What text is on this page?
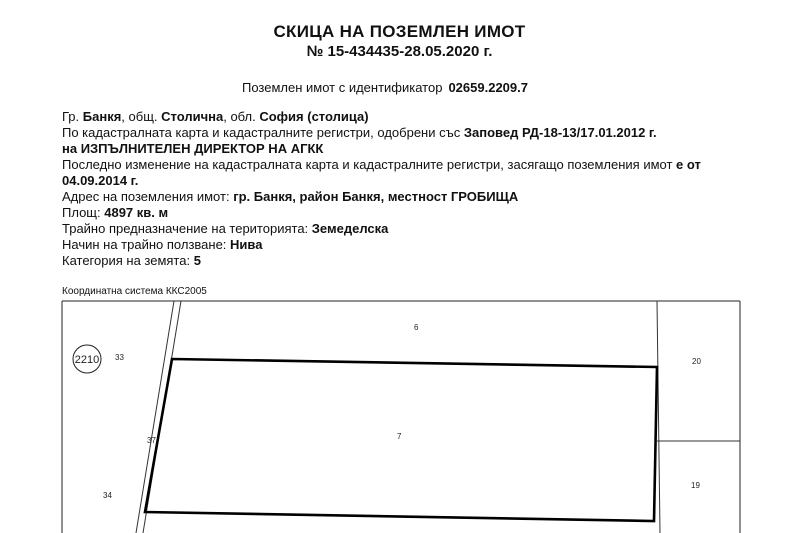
СКИЦА НА ПОЗЕМЛЕН ИМОТ
№ 15-434435-28.05.2020 г.
Поземлен имот с идентификатор 02659.2209.7
Гр. Банкя, общ. Столична, обл. София (столица)
По кадастралната карта и кадастралните регистри, одобрени със Заповед РД-18-13/17.01.2012 г.
на ИЗПЪЛНИТЕЛЕН ДИРЕКТОР НА АГКК
Последно изменение на кадастралната карта и кадастралните регистри, засягащо поземления имот е от
04.09.2014 г.
Адрес на поземления имот: гр. Банкя, район Банкя, местност ГРОБИЩА
Площ: 4897 кв. м
Трайно предназначение на територията: Земеделска
Начин на трайно ползване: Нива
Категория на земята: 5
Координатна система ККС2005
2210
6
7
33	20
34
19
37
